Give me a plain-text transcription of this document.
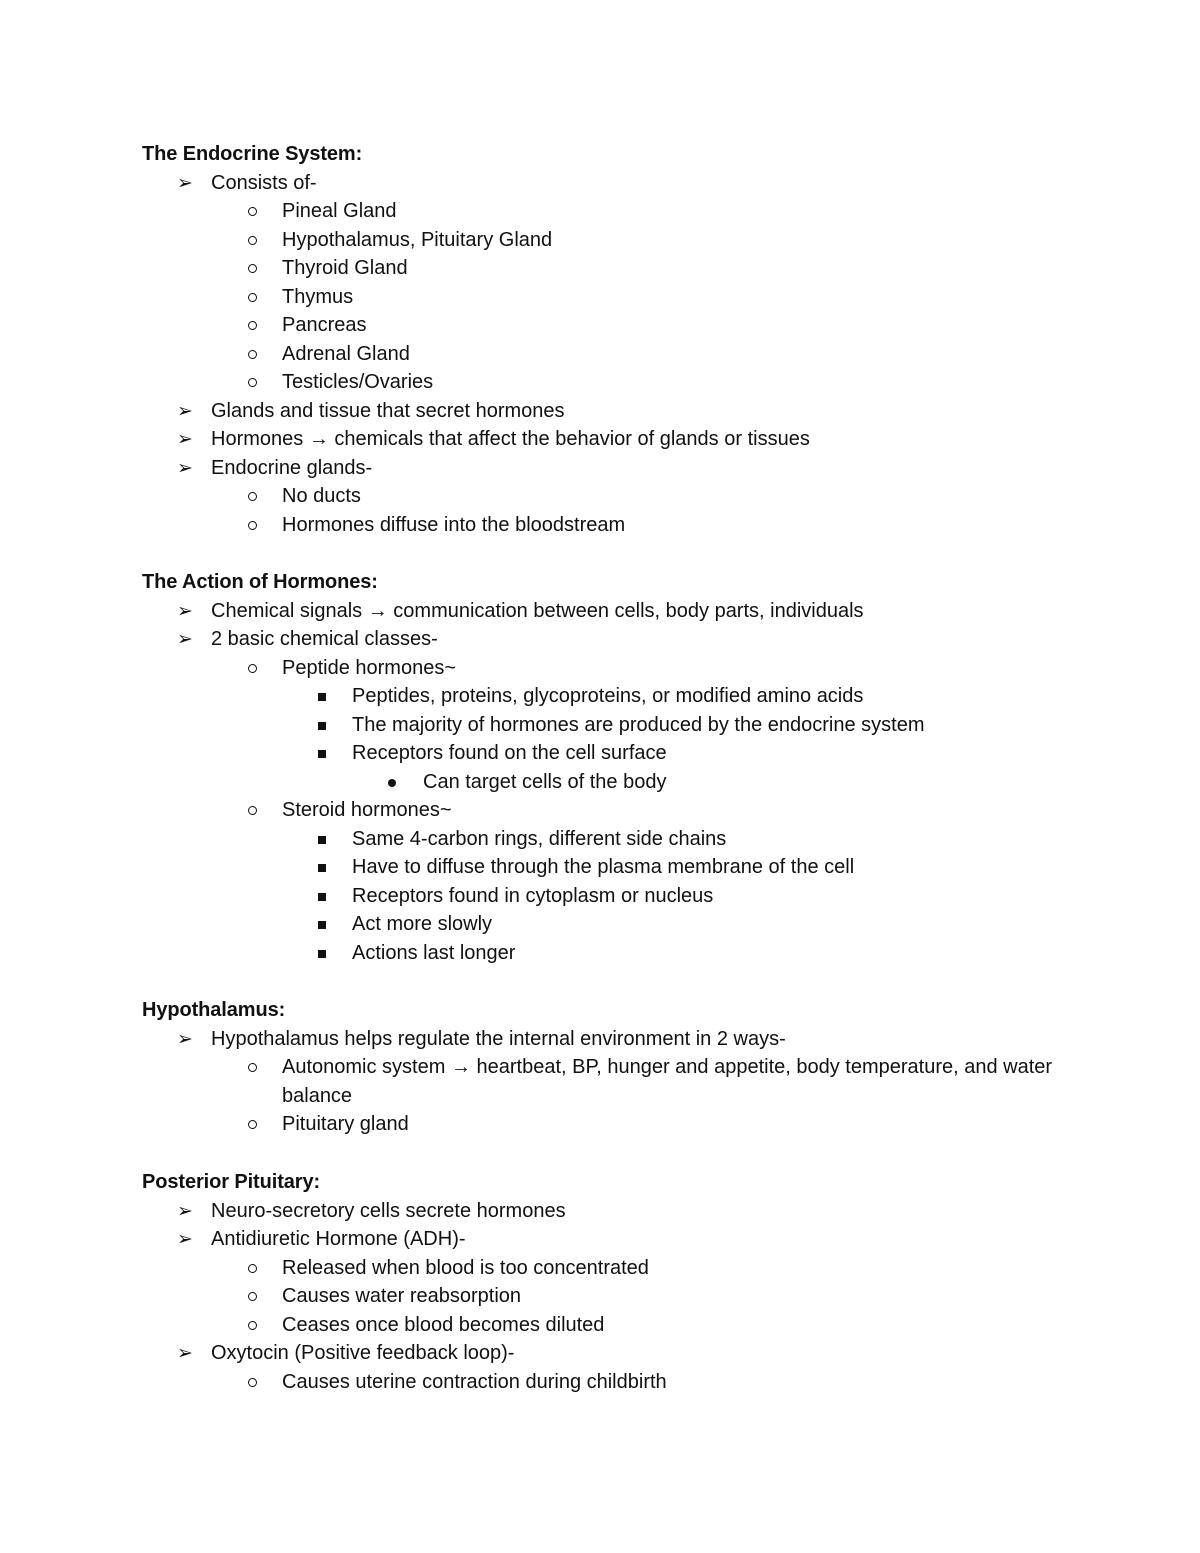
The Endocrine System:
➢ Consists of-
Pineal Gland
Hypothalamus, Pituitary Gland
Thyroid Gland
Thymus
Pancreas
Adrenal Gland
Testicles/Ovaries
➢ Glands and tissue that secret hormones
➢ Hormones → chemicals that affect the behavior of glands or tissues
➢ Endocrine glands-
No ducts
Hormones diffuse into the bloodstream
The Action of Hormones:
➢ Chemical signals → communication between cells, body parts, individuals
➢ 2 basic chemical classes-
Peptide hormones~
Peptides, proteins, glycoproteins, or modified amino acids
The majority of hormones are produced by the endocrine system
Receptors found on the cell surface
Can target cells of the body
Steroid hormones~
Same 4-carbon rings, different side chains
Have to diffuse through the plasma membrane of the cell
Receptors found in cytoplasm or nucleus
Act more slowly
Actions last longer
Hypothalamus:
➢ Hypothalamus helps regulate the internal environment in 2 ways-
Autonomic system → heartbeat, BP, hunger and appetite, body temperature, and water balance
Pituitary gland
Posterior Pituitary:
➢ Neuro-secretory cells secrete hormones
➢ Antidiuretic Hormone (ADH)-
Released when blood is too concentrated
Causes water reabsorption
Ceases once blood becomes diluted
➢ Oxytocin (Positive feedback loop)-
Causes uterine contraction during childbirth
